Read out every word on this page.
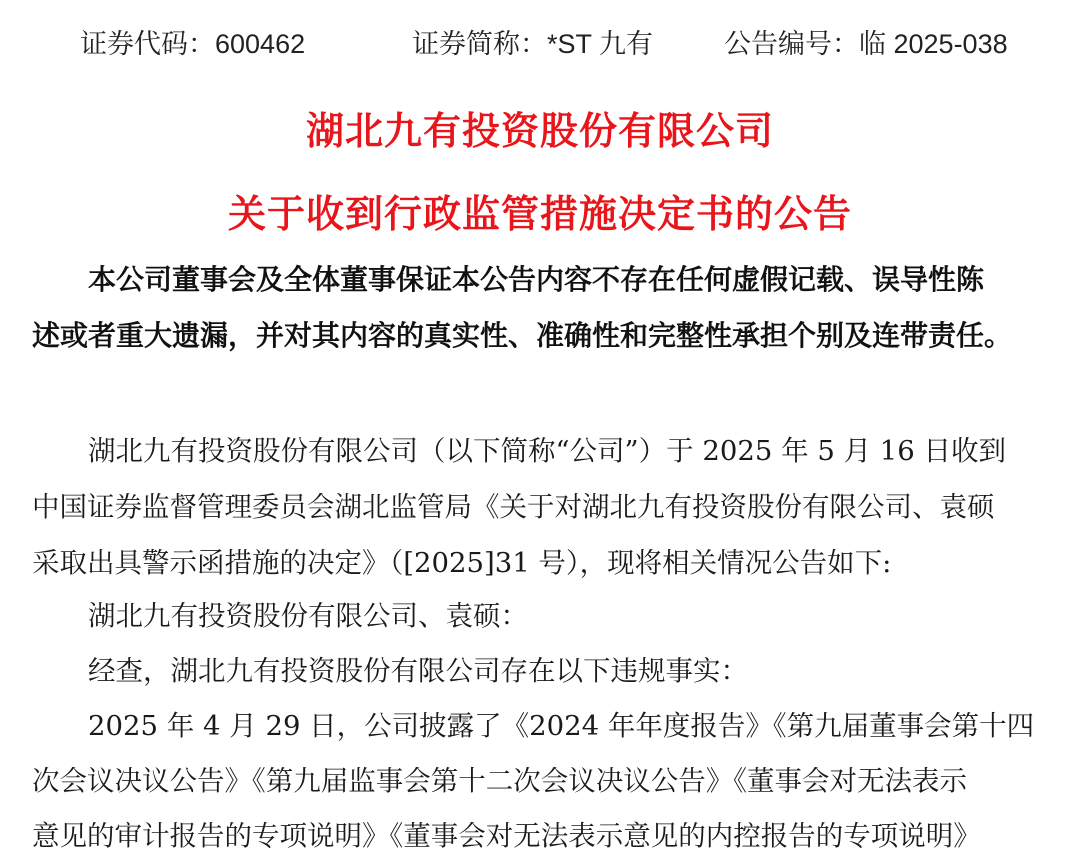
证券代码：600462	证券简称：*ST 九有	公告编号：临 2025-038
湖北九有投资股份有限公司
关于收到行政监管措施决定书的公告
本公司董事会及全体董事保证本公告内容不存在任何虚假记载、误导性陈
述或者重大遗漏，并对其内容的真实性、准确性和完整性承担个别及连带责任。
湖北九有投资股份有限公司（以下简称“公司”）于 2025 年 5 月 16 日收到
中国证券监督管理委员会湖北监管局《关于对湖北九有投资股份有限公司、袁硕
采取出具警示函措施的决定》（[2025]31 号），现将相关情况公告如下:
湖北九有投资股份有限公司、袁硕：
经查，湖北九有投资股份有限公司存在以下违规事实：
2025 年 4 月 29 日，公司披露了《2024 年年度报告》《第九届董事会第十四
次会议决议公告》《第九届监事会第十二次会议决议公告》《董事会对无法表示
意见的审计报告的专项说明》《董事会对无法表示意见的内控报告的专项说明》
